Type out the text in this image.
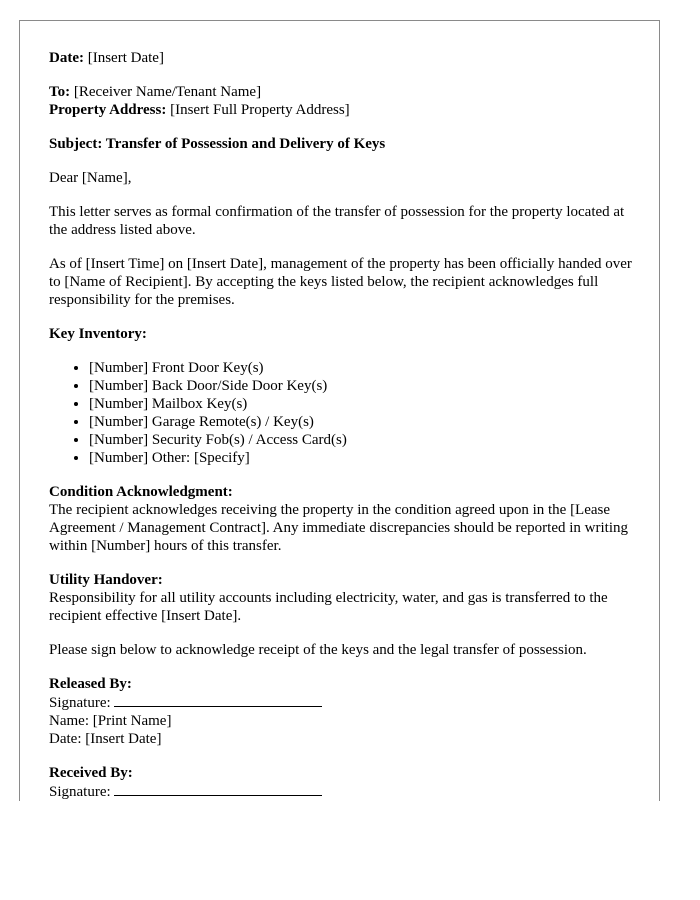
Date: [Insert Date]

To: [Receiver Name/Tenant Name]
Property Address: [Insert Full Property Address]

Subject: Transfer of Possession and Delivery of Keys

Dear [Name],

This letter serves as formal confirmation of the transfer of possession for the property located at the address listed above.

As of [Insert Time] on [Insert Date], management of the property has been officially handed over to [Name of Recipient]. By accepting the keys listed below, the recipient acknowledges full responsibility for the premises.

Key Inventory:

• [Number] Front Door Key(s)
• [Number] Back Door/Side Door Key(s)
• [Number] Mailbox Key(s)
• [Number] Garage Remote(s) / Key(s)
• [Number] Security Fob(s) / Access Card(s)
• [Number] Other: [Specify]
Condition Acknowledgment:
The recipient acknowledges receiving the property in the condition agreed upon in the [Lease Agreement / Management Contract]. Any immediate discrepancies should be reported in writing within [Number] hours of this transfer.
Utility Handover:
Responsibility for all utility accounts including electricity, water, and gas is transferred to the recipient effective [Insert Date].

Please sign below to acknowledge receipt of the keys and the legal transfer of possession.

Released By:
Signature:
Name: [Print Name]
Date: [Insert Date]
Received By:
Signature:
